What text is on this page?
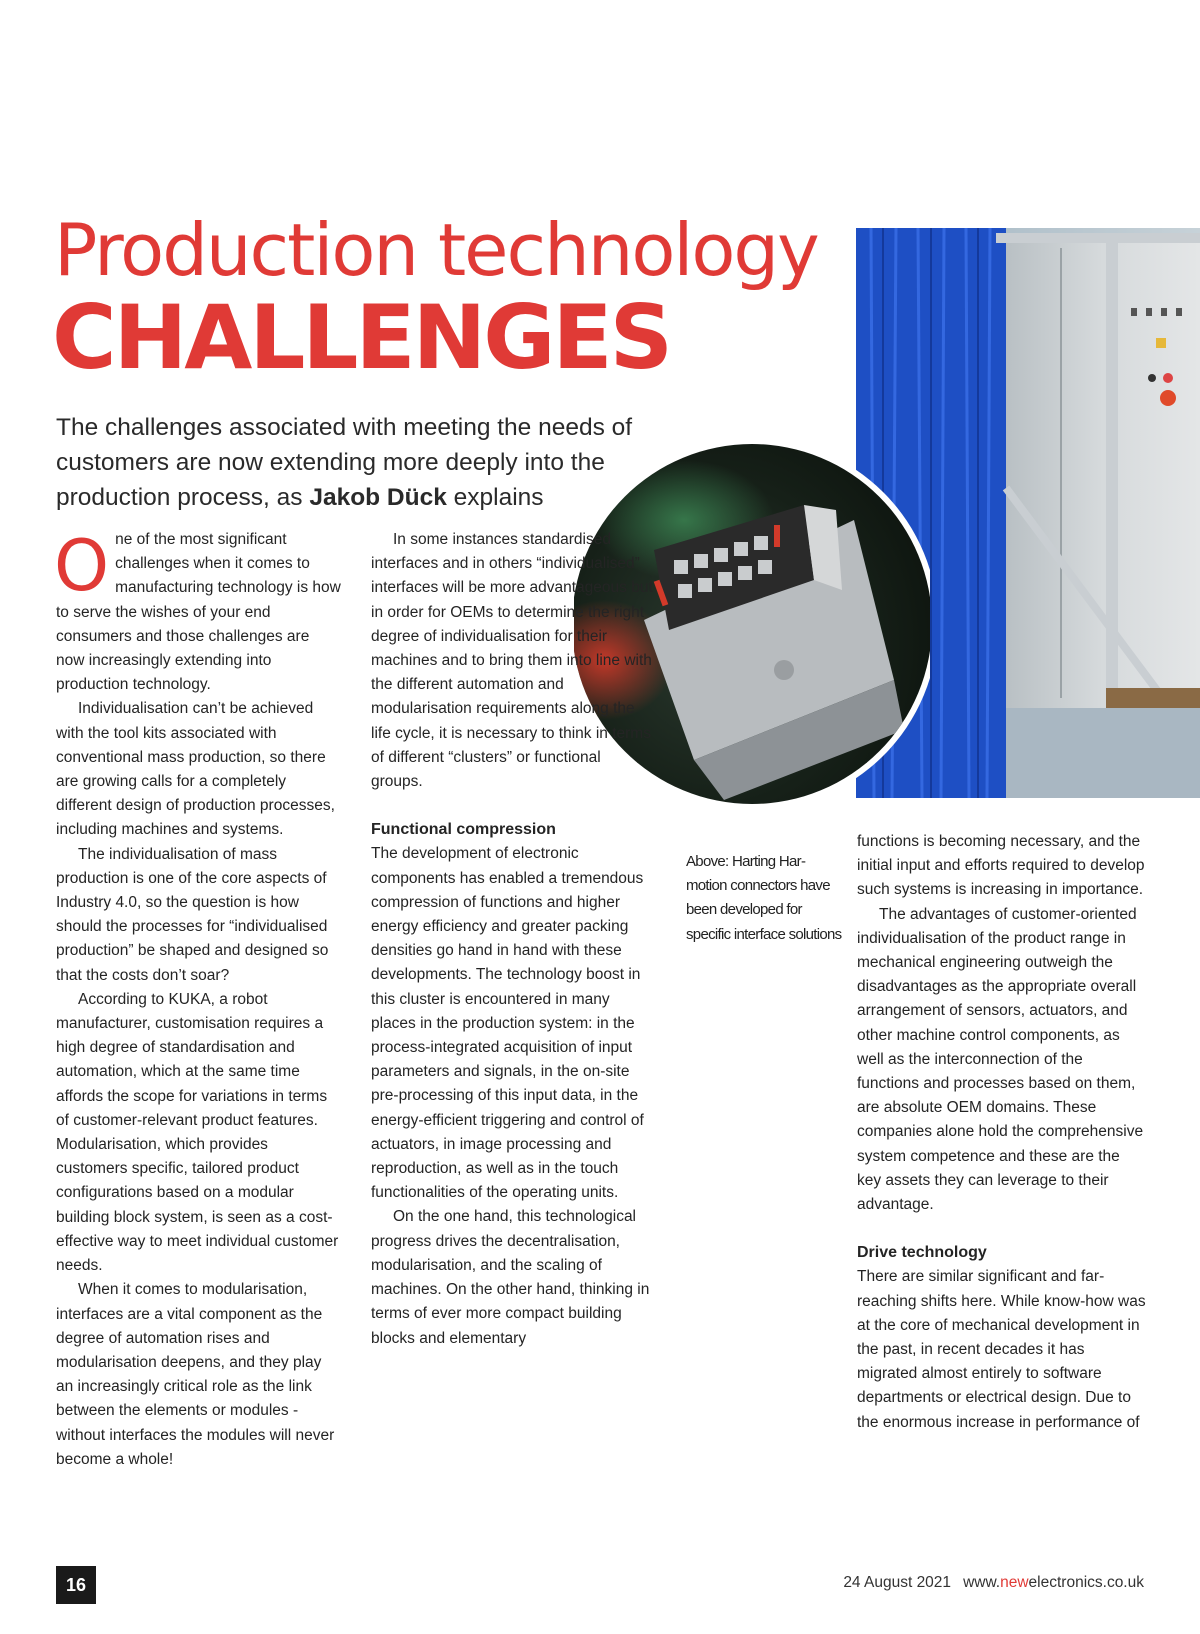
Production technology
CHALLENGES
The challenges associated with meeting the needs of customers are now extending more deeply into the production process, as Jakob Dück explains

One of the most significant challenges when it comes to manufacturing technology is how to serve the wishes of your end consumers and those challenges are now increasingly extending into production technology.

Individualisation can’t be achieved with the tool kits associated with conventional mass production, so there are growing calls for a completely different design of production processes, including machines and systems.

The individualisation of mass production is one of the core aspects of Industry 4.0, so the question is how should the processes for “individualised production” be shaped and designed so that the costs don’t soar?

According to KUKA, a robot manufacturer, customisation requires a high degree of standardisation and automation, which at the same time affords the scope for variations in terms of customer-relevant product features. Modularisation, which provides customers specific, tailored product configurations based on a modular building block system, is seen as a cost-effective way to meet individual customer needs.

When it comes to modularisation, interfaces are a vital component as the degree of automation rises and modularisation deepens, and they play an increasingly critical role as the link between the elements or modules - without interfaces the modules will never become a whole!

In some instances standardised interfaces and in others “individualised” interfaces will be more advantageous but in order for OEMs to determine the right degree of individualisation for their machines and to bring them into line with the different automation and modularisation requirements along the life cycle, it is necessary to think in terms of different “clusters” or functional groups.

Functional compression

The development of electronic components has enabled a tremendous compression of functions and higher energy efficiency and greater packing densities go hand in hand with these developments. The technology boost in this cluster is encountered in many places in the production system: in the process-integrated acquisition of input parameters and signals, in the on-site pre-processing of this input data, in the energy-efficient triggering and control of actuators, in image processing and reproduction, as well as in the touch functionalities of the operating units.

On the one hand, this technological progress drives the decentralisation, modularisation, and the scaling of machines. On the other hand, thinking in terms of ever more compact building blocks and elementary

Above: Harting Har-motion connectors have been developed for specific interface solutions

functions is becoming necessary, and the initial input and efforts required to develop such systems is increasing in importance.

The advantages of customer-oriented individualisation of the product range in mechanical engineering outweigh the disadvantages as the appropriate overall arrangement of sensors, actuators, and other machine control components, as well as the interconnection of the functions and processes based on them, are absolute OEM domains. These companies alone hold the comprehensive system competence and these are the key assets they can leverage to their advantage.

Drive technology

There are similar significant and far-reaching shifts here. While know-how was at the core of mechanical development in the past, in recent decades it has migrated almost entirely to software departments or electrical design. Due to the enormous increase in performance of

16	24 August 2021 www.newelectronics.co.uk
